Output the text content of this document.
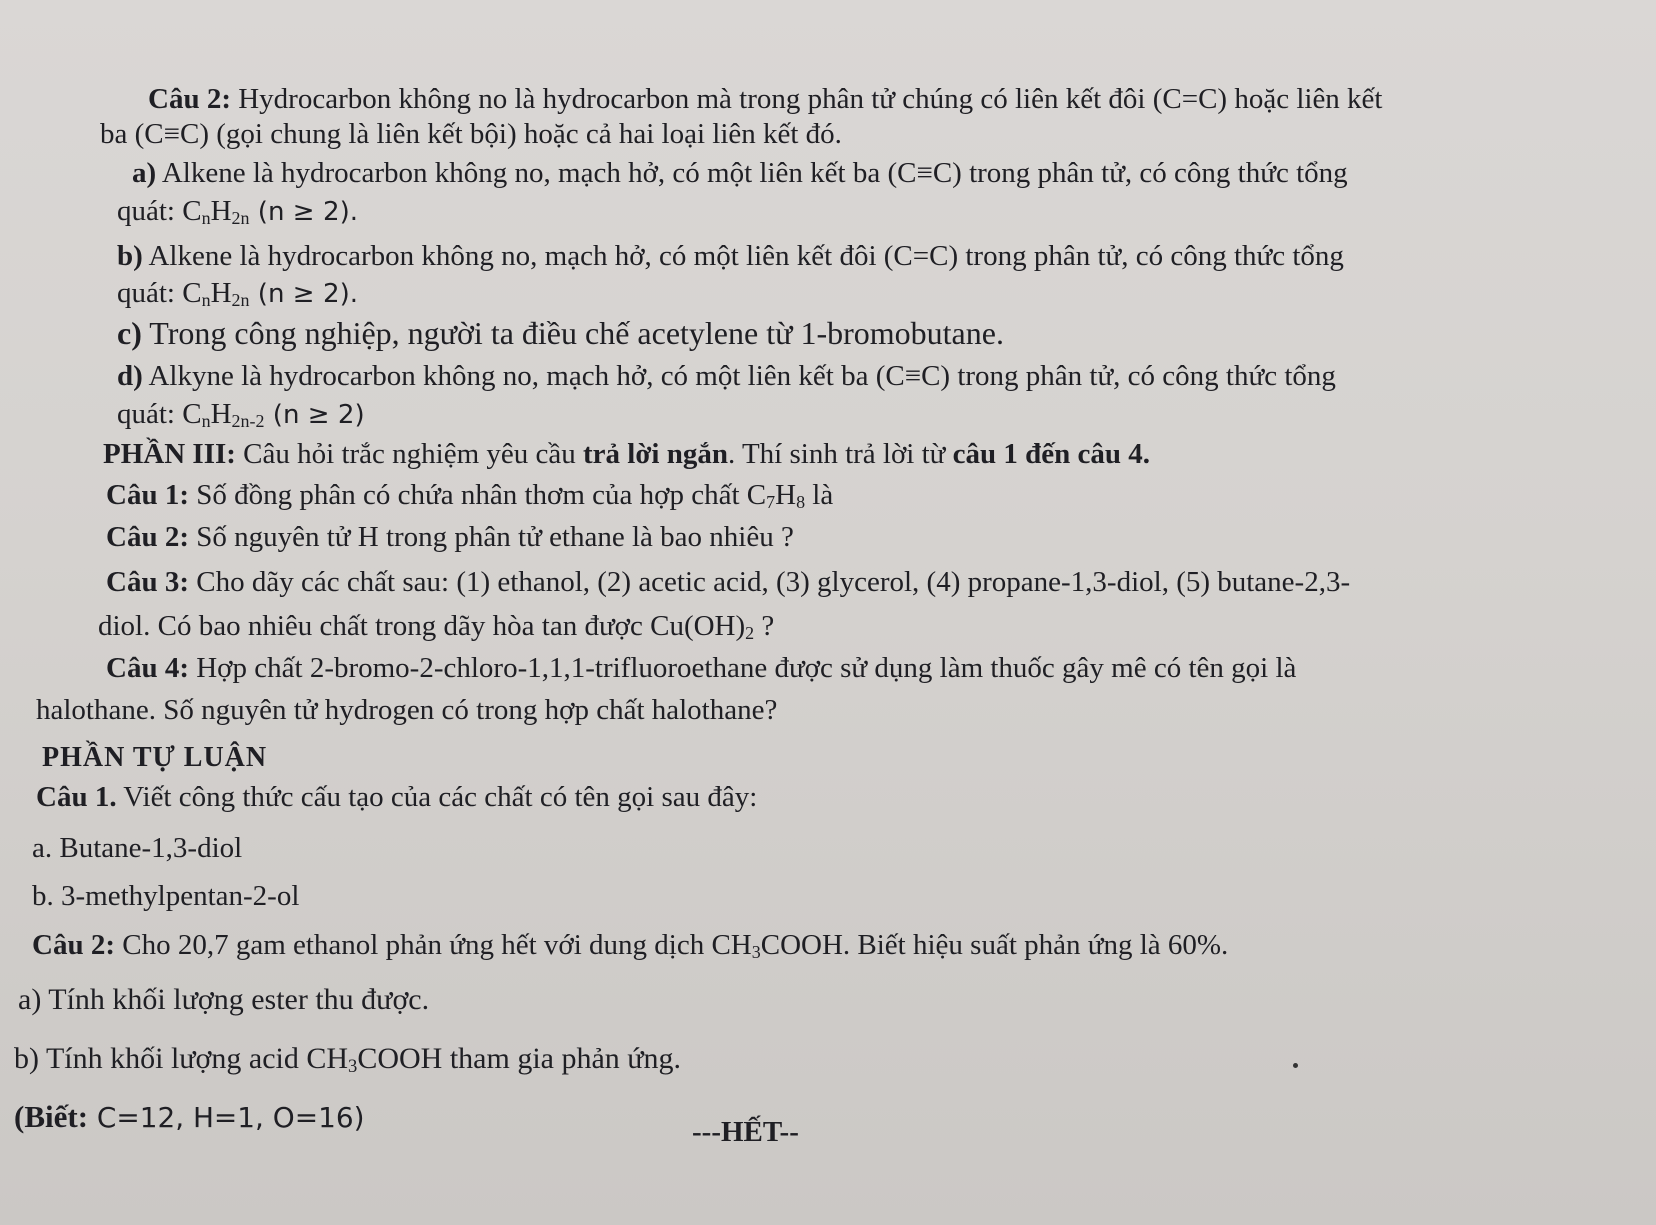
Câu 2: Hydrocarbon không no là hydrocarbon mà trong phân tử chúng có liên kết đôi (C=C) hoặc liên kết
ba (C≡C) (gọi chung là liên kết bội) hoặc cả hai loại liên kết đó.
a) Alkene là hydrocarbon không no, mạch hở, có một liên kết ba (C≡C) trong phân tử, có công thức tổng
quát: $C_nH_{2n}$ (n ≥ 2).
b) Alkene là hydrocarbon không no, mạch hở, có một liên kết đôi (C=C) trong phân tử, có công thức tổng
quát: $C_nH_{2n}$ (n ≥ 2).
c) Trong công nghiệp, người ta điều chế acetylene từ 1-bromobutane.
d) Alkyne là hydrocarbon không no, mạch hở, có một liên kết ba (C≡C) trong phân tử, có công thức tổng
quát: $C_nH_{2n-2}$ (n ≥ 2)
PHẦN III: Câu hỏi trắc nghiệm yêu cầu trả lời ngắn. Thí sinh trả lời từ câu 1 đến câu 4.
Câu 1: Số đồng phân có chứa nhân thơm của hợp chất $C_7H_8$ là
Câu 2: Số nguyên tử H trong phân tử ethane là bao nhiêu ?
Câu 3: Cho dãy các chất sau: (1) ethanol, (2) acetic acid, (3) glycerol, (4) propane-1,3-diol, (5) butane-2,3-
diol. Có bao nhiêu chất trong dãy hòa tan được $Cu(OH)_2$ ?
Câu 4: Hợp chất 2-bromo-2-chloro-1,1,1-trifluoroethane được sử dụng làm thuốc gây mê có tên gọi là
halothane. Số nguyên tử hydrogen có trong hợp chất halothane?
PHẦN TỰ LUẬN
Câu 1. Viết công thức cấu tạo của các chất có tên gọi sau đây:
a. Butane-1,3-diol
b. 3-methylpentan-2-ol
Câu 2: Cho 20,7 gam ethanol phản ứng hết với dung dịch $CH_3COOH$. Biết hiệu suất phản ứng là 60%.
a) Tính khối lượng ester thu được.
b) Tính khối lượng acid $CH_3COOH$ tham gia phản ứng.
(Biết: C=12, H=1, O=16)	---HẾT--
